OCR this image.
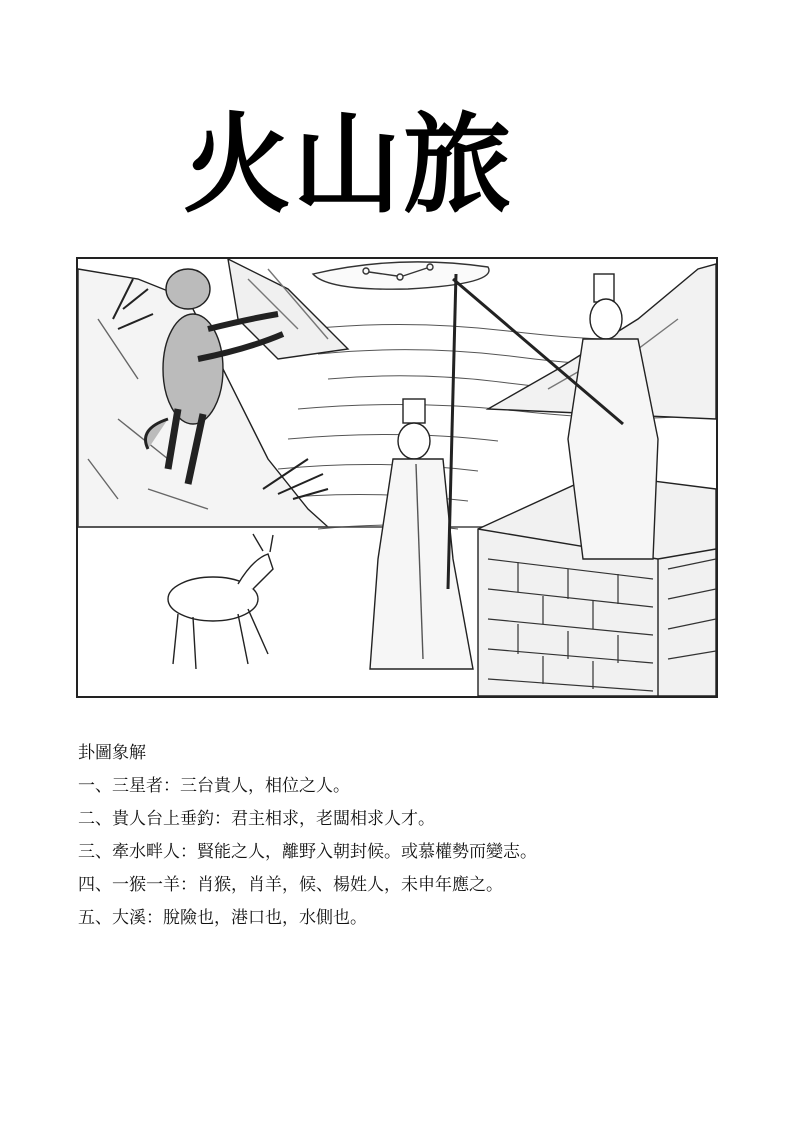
火山旅
卦圖象解
一、三星者：三台貴人，相位之人。
二、貴人台上垂釣：君主相求，老闆相求人才。
三、牽水畔人：賢能之人，離野入朝封候。或慕權勢而變志。
四、一猴一羊：肖猴，肖羊，候、楊姓人，未申年應之。
五、大溪：脫險也，港口也，水側也。
